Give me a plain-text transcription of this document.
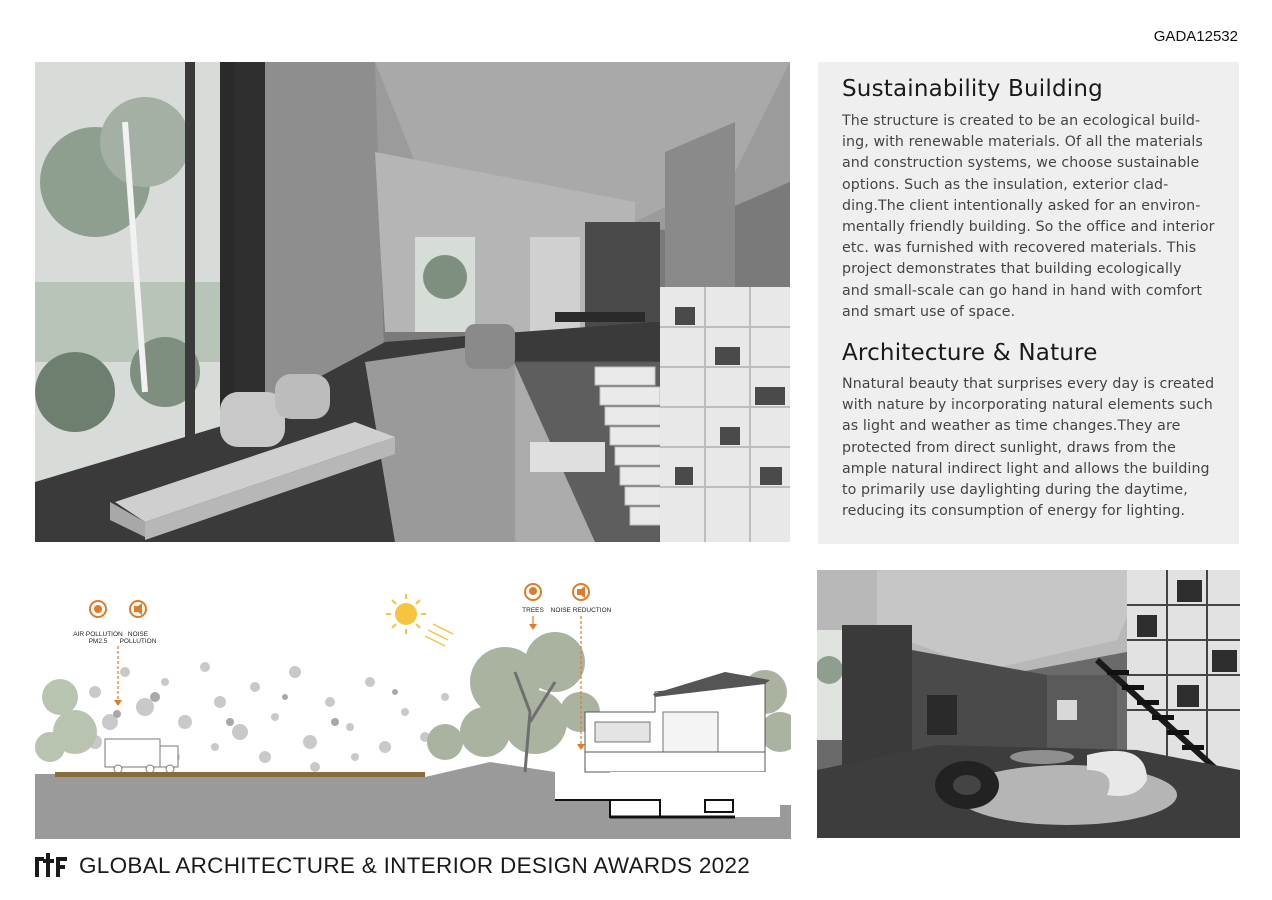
GADA12532
Sustainability Building

The structure is created to be an ecological build-
ing, with renewable materials. Of all the materials
and construction systems, we choose sustainable
options. Such as the insulation, exterior clad-
ding.The client intentionally asked for an environ-
mentally friendly building. So the office and interior
etc. was furnished with recovered materials. This
project demonstrates that building ecologically
and small-scale can go hand in hand with comfort
and smart use of space.

Architecture & Nature

Nnatural beauty that surprises every day is created
with nature by incorporating natural elements such
as light and weather as time changes.They are
protected from direct sunlight, draws from the
ample natural indirect light and allows the building
to primarily use daylighting during the daytime,
reducing its consumption of energy for lighting.

AIR POLLUTION
PM2.5
NOISE
POLLUTION
TREES NOISE REDUCTION
GLOBAL ARCHITECTURE & INTERIOR DESIGN AWARDS 2022
